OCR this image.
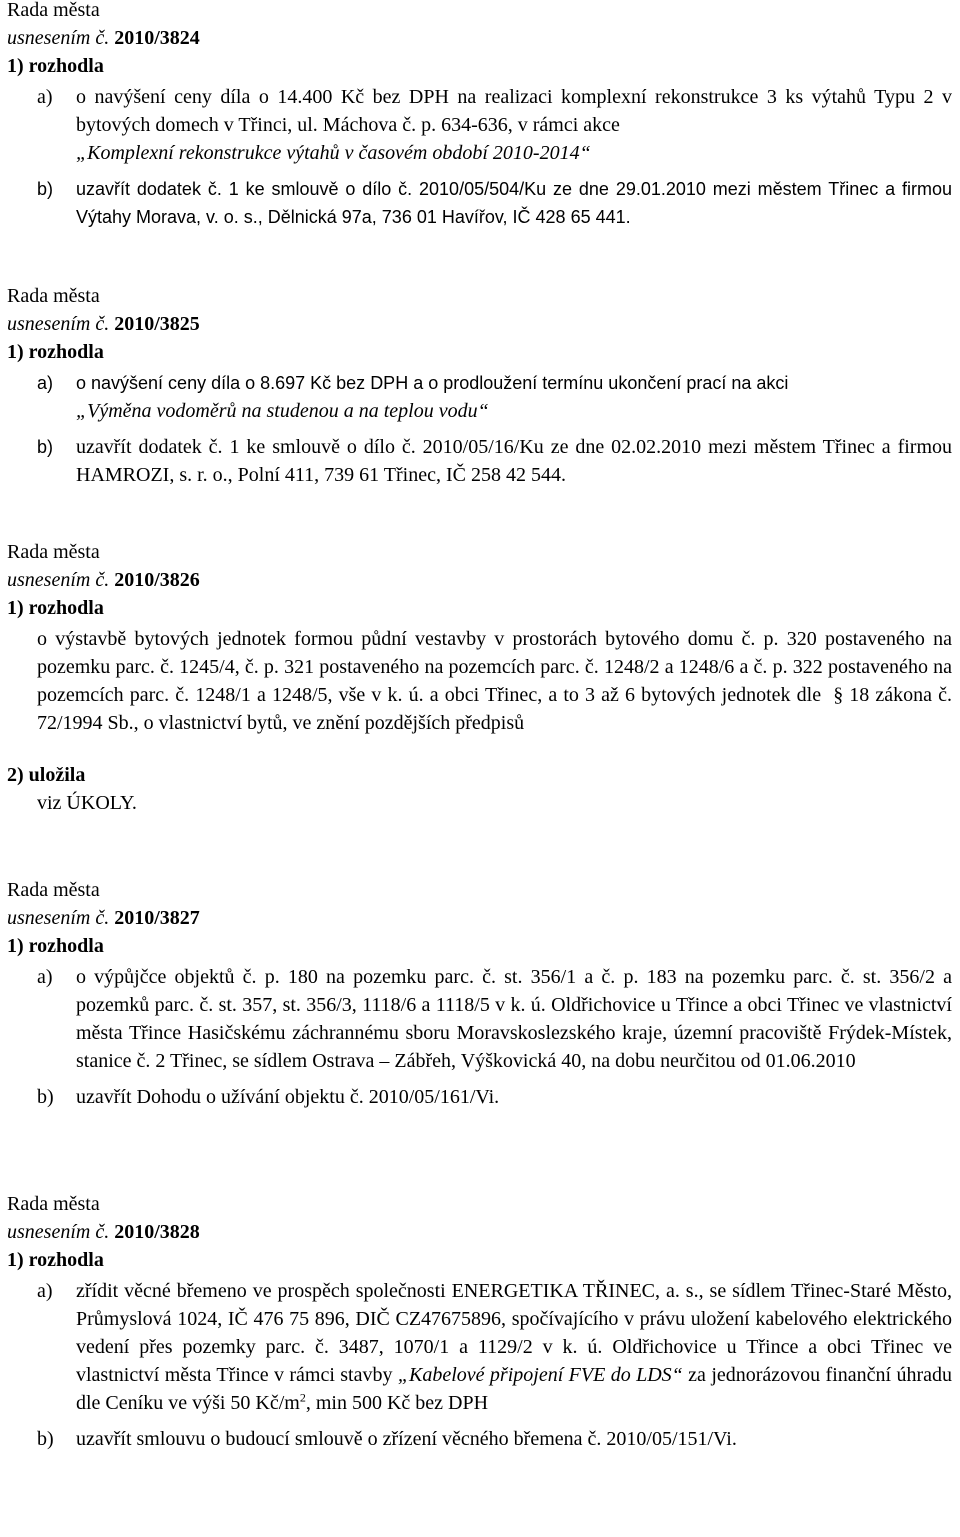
Rada města
usnesením č. 2010/3824
1) rozhodla
a)	o navýšení ceny díla o 14.400 Kč bez DPH na realizaci komplexní rekonstrukce 3 ks výtahů Typu 2 v bytových domech v Třinci, ul. Máchova č. p. 634-636, v rámci akce
„Komplexní rekonstrukce výtahů v časovém období 2010-2014“
b)	uzavřít dodatek č. 1 ke smlouvě o dílo č. 2010/05/504/Ku ze dne 29.01.2010 mezi městem Třinec a firmou Výtahy Morava, v. o. s., Dělnická 97a, 736 01 Havířov, IČ 428 65 441.
Rada města
usnesením č. 2010/3825
1) rozhodla
a)	o navýšení ceny díla o 8.697 Kč bez DPH a o prodloužení termínu ukončení prací na akci
„Výměna vodoměrů na studenou a na teplou vodu“
b)	uzavřít dodatek č. 1 ke smlouvě o dílo č. 2010/05/16/Ku ze dne 02.02.2010 mezi městem Třinec a firmou HAMROZI, s. r. o., Polní 411, 739 61 Třinec, IČ 258 42 544.
Rada města
usnesením č. 2010/3826
1) rozhodla
o výstavbě bytových jednotek formou půdní vestavby v prostorách bytového domu č. p. 320 postaveného na pozemku parc. č. 1245/4, č. p. 321 postaveného na pozemcích parc. č. 1248/2 a 1248/6 a č. p. 322 postaveného na pozemcích parc. č. 1248/1 a 1248/5, vše v k. ú. a obci Třinec, a to 3 až 6 bytových jednotek dle § 18 zákona č. 72/1994 Sb., o vlastnictví bytů, ve znění pozdějších předpisů
2) uložila
viz ÚKOLY.
Rada města
usnesením č. 2010/3827
1) rozhodla
a)	o výpůjčce objektů č. p. 180 na pozemku parc. č. st. 356/1 a č. p. 183 na pozemku parc. č. st. 356/2 a pozemků parc. č. st. 357, st. 356/3, 1118/6 a 1118/5 v k. ú. Oldřichovice u Třince a obci Třinec ve vlastnictví města Třince Hasičskému záchrannému sboru Moravskoslezského kraje, územní pracoviště Frýdek-Místek, stanice č. 2 Třinec, se sídlem Ostrava – Zábřeh, Výškovická 40, na dobu neurčitou od 01.06.2010
b)	uzavřít Dohodu o užívání objektu č. 2010/05/161/Vi.
Rada města
usnesením č. 2010/3828
1) rozhodla
a)	zřídit věcné břemeno ve prospěch společnosti ENERGETIKA TŘINEC, a. s., se sídlem Třinec-Staré Město, Průmyslová 1024, IČ 476 75 896, DIČ CZ47675896, spočívajícího v právu uložení kabelového elektrického vedení přes pozemky parc. č. 3487, 1070/1 a 1129/2 v k. ú. Oldřichovice u Třince a obci Třinec ve vlastnictví města Třince v rámci stavby „Kabelové připojení FVE do LDS“ za jednorázovou finanční úhradu dle Ceníku ve výši 50 $Kč/m^2$, min 500 Kč bez DPH
b)	uzavřít smlouvu o budoucí smlouvě o zřízení věcného břemena č. 2010/05/151/Vi.
